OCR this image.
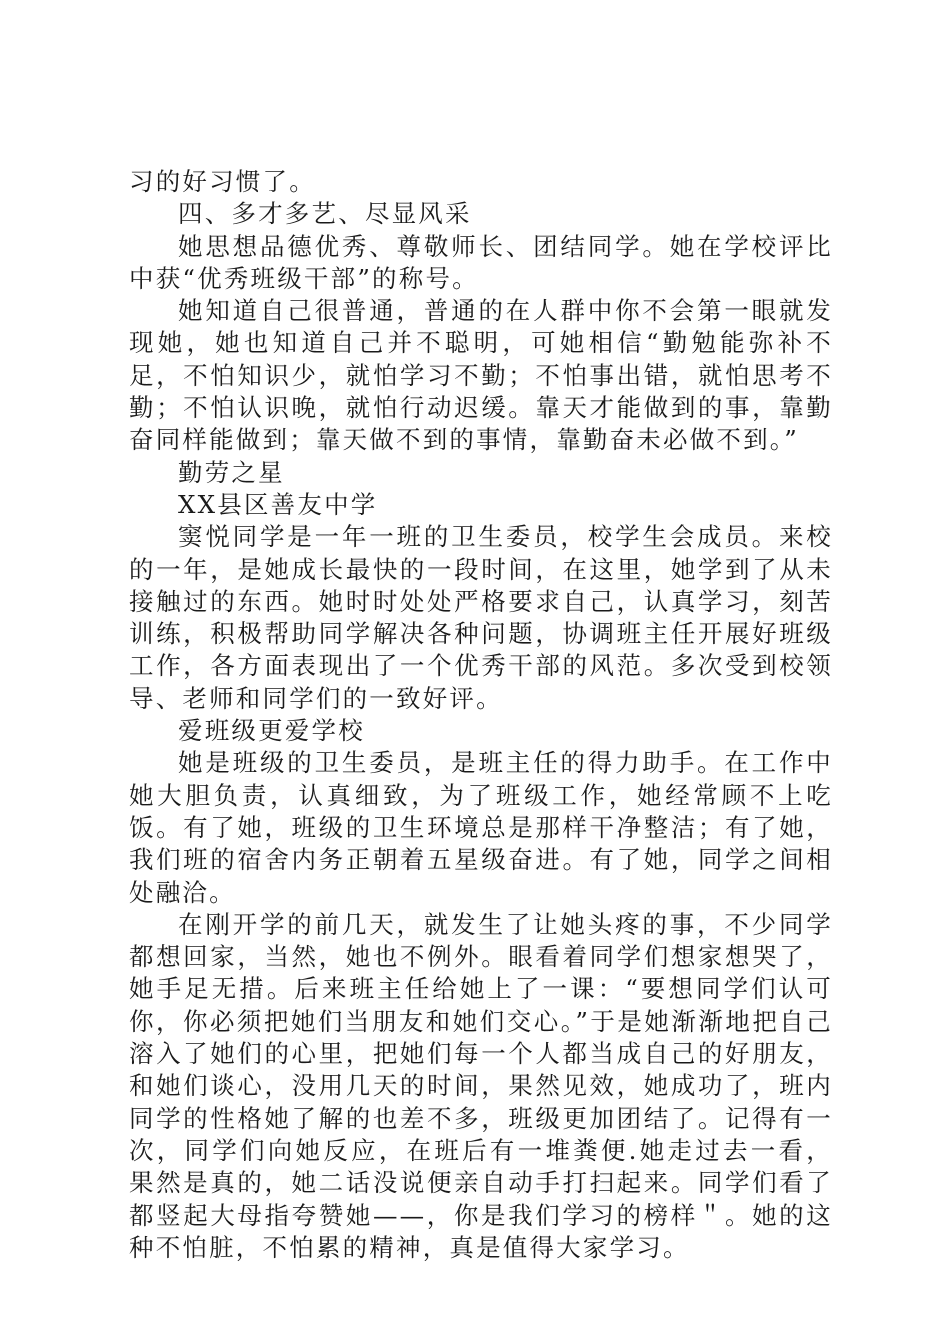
习的好习惯了。

四、多才多艺、尽显风采

她思想品德优秀、尊敬师长、团结同学。她在学校评比中获“优秀班级干部”的称号。

她知道自己很普通，普通的在人群中你不会第一眼就发现她，她也知道自己并不聪明，可她相信“勤勉能弥补不足，不怕知识少，就怕学习不勤；不怕事出错，就怕思考不勤；不怕认识晚，就怕行动迟缓。靠天才能做到的事，靠勤奋同样能做到；靠天做不到的事情，靠勤奋未必做不到。”

勤劳之星

XX县区善友中学

窦悦同学是一年一班的卫生委员，校学生会成员。来校的一年，是她成长最快的一段时间，在这里，她学到了从未接触过的东西。她时时处处严格要求自己，认真学习，刻苦训练，积极帮助同学解决各种问题，协调班主任开展好班级工作，各方面表现出了一个优秀干部的风范。多次受到校领导、老师和同学们的一致好评。

爱班级更爱学校

她是班级的卫生委员，是班主任的得力助手。在工作中她大胆负责，认真细致，为了班级工作，她经常顾不上吃饭。有了她，班级的卫生环境总是那样干净整洁；有了她，我们班的宿舍内务正朝着五星级奋进。有了她，同学之间相处融洽。

在刚开学的前几天，就发生了让她头疼的事，不少同学都想回家，当然，她也不例外。眼看着同学们想家想哭了，她手足无措。后来班主任给她上了一课：“要想同学们认可你，你必须把她们当朋友和她们交心。”于是她渐渐地把自己溶入了她们的心里，把她们每一个人都当成自己的好朋友，和她们谈心，没用几天的时间，果然见效，她成功了，班内同学的性格她了解的也差不多，班级更加团结了。记得有一次，同学们向她反应，在班后有一堆粪便.她走过去一看，果然是真的，她二话没说便亲自动手打扫起来。同学们看了都竖起大母指夸赞她——，你是我们学习的榜样＂。她的这种不怕脏，不怕累的精神，真是值得大家学习。
